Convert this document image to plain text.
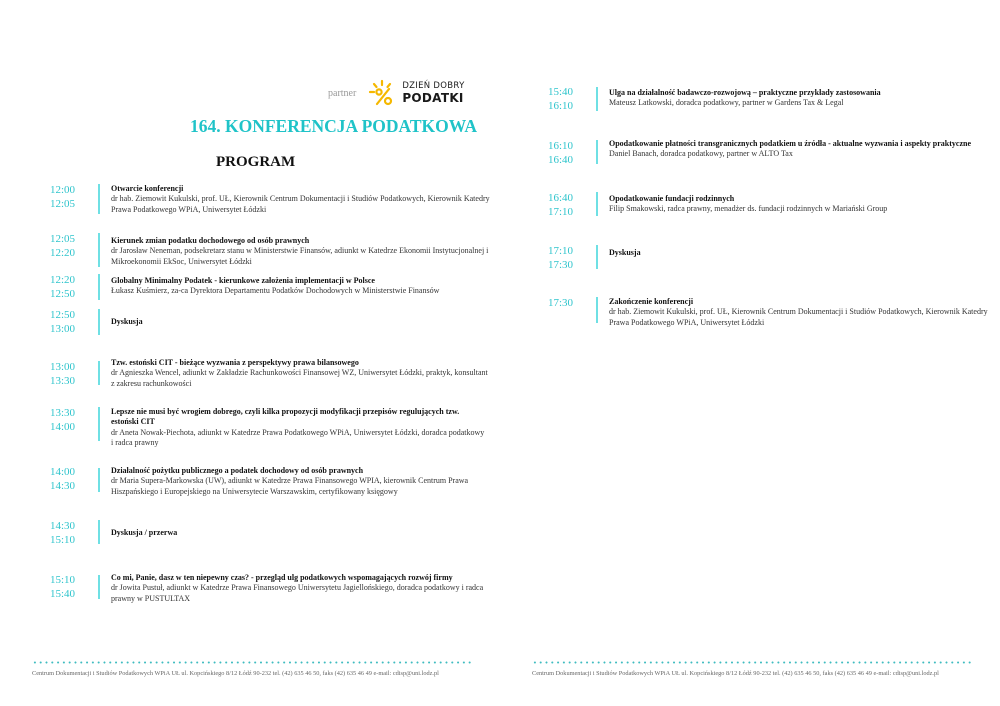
partner
DZIEŃ DOBRY
PODATKI
164. KONFERENCJA PODATKOWA
PROGRAM
12:00
12:05
Otwarcie konferencji
dr hab. Ziemowit Kukulski, prof. UŁ, Kierownik Centrum Dokumentacji i Studiów Podatkowych, Kierownik Katedry Prawa Podatkowego WPiA, Uniwersytet Łódzki
12:05
12:20
Kierunek zmian podatku dochodowego od osób prawnych
dr Jarosław Neneman, podsekretarz stanu w Ministerstwie Finansów, adiunkt w Katedrze Ekonomii Instytucjonalnej i Mikroekonomii EkSoc, Uniwersytet Łódzki
12:20
12:50
Globalny Minimalny Podatek - kierunkowe założenia implementacji w Polsce
Łukasz Kuśmierz, za-ca Dyrektora Departamentu Podatków Dochodowych w Ministerstwie Finansów
12:50
13:00
Dyskusja
13:00
13:30
Tzw. estoński CIT - bieżące wyzwania z perspektywy prawa bilansowego
dr Agnieszka Wencel, adiunkt w Zakładzie Rachunkowości Finansowej WZ, Uniwersytet Łódzki, praktyk, konsultant z zakresu rachunkowości
13:30
14:00
Lepsze nie musi być wrogiem dobrego, czyli kilka propozycji modyfikacji przepisów regulujących tzw. estoński CIT
dr Aneta Nowak-Piechota, adiunkt w Katedrze Prawa Podatkowego WPiA, Uniwersytet Łódzki, doradca podatkowy i radca prawny
14:00
14:30
Działalność pożytku publicznego a podatek dochodowy od osób prawnych
dr Maria Supera-Markowska (UW), adiunkt w Katedrze Prawa Finansowego WPIA, kierownik Centrum Prawa Hiszpańskiego i Europejskiego na Uniwersytecie Warszawskim, certyfikowany księgowy
14:30
15:10
Dyskusja / przerwa
15:10
15:40
Co mi, Panie, dasz w ten niepewny czas? - przegląd ulg podatkowych wspomagających rozwój firmy
dr Jowita Pustuł, adiunkt w Katedrze Prawa Finansowego Uniwersytetu Jagiellońskiego, doradca podatkowy i radca prawny w PUSTULTAX
Centrum Dokumentacji i Studiów Podatkowych WPiA UŁ ul. Kopcińskiego 8/12 Łódź 90-232 tel. (42) 635 46 50, faks (42) 635 46 49 e-mail: cdisp@uni.lodz.pl
15:40
16:10
Ulga na działalność badawczo-rozwojową – praktyczne przykłady zastosowania
Mateusz Latkowski, doradca podatkowy, partner w Gardens Tax & Legal
16:10
16:40
Opodatkowanie płatności transgranicznych podatkiem u źródła - aktualne wyzwania i aspekty praktyczne
Daniel Banach, doradca podatkowy, partner w ALTO Tax
16:40
17:10
Opodatkowanie fundacji rodzinnych
Filip Smakowski, radca prawny, menadżer ds. fundacji rodzinnych w Mariański Group
17:10
17:30
Dyskusja
17:30	Zakończenie konferencji
dr hab. Ziemowit Kukulski, prof. UŁ, Kierownik Centrum Dokumentacji i Studiów Podatkowych, Kierownik Katedry Prawa Podatkowego WPiA, Uniwersytet Łódzki
Centrum Dokumentacji i Studiów Podatkowych WPiA UŁ ul. Kopcińskiego 8/12 Łódź 90-232 tel. (42) 635 46 50, faks (42) 635 46 49 e-mail: cdisp@uni.lodz.pl
